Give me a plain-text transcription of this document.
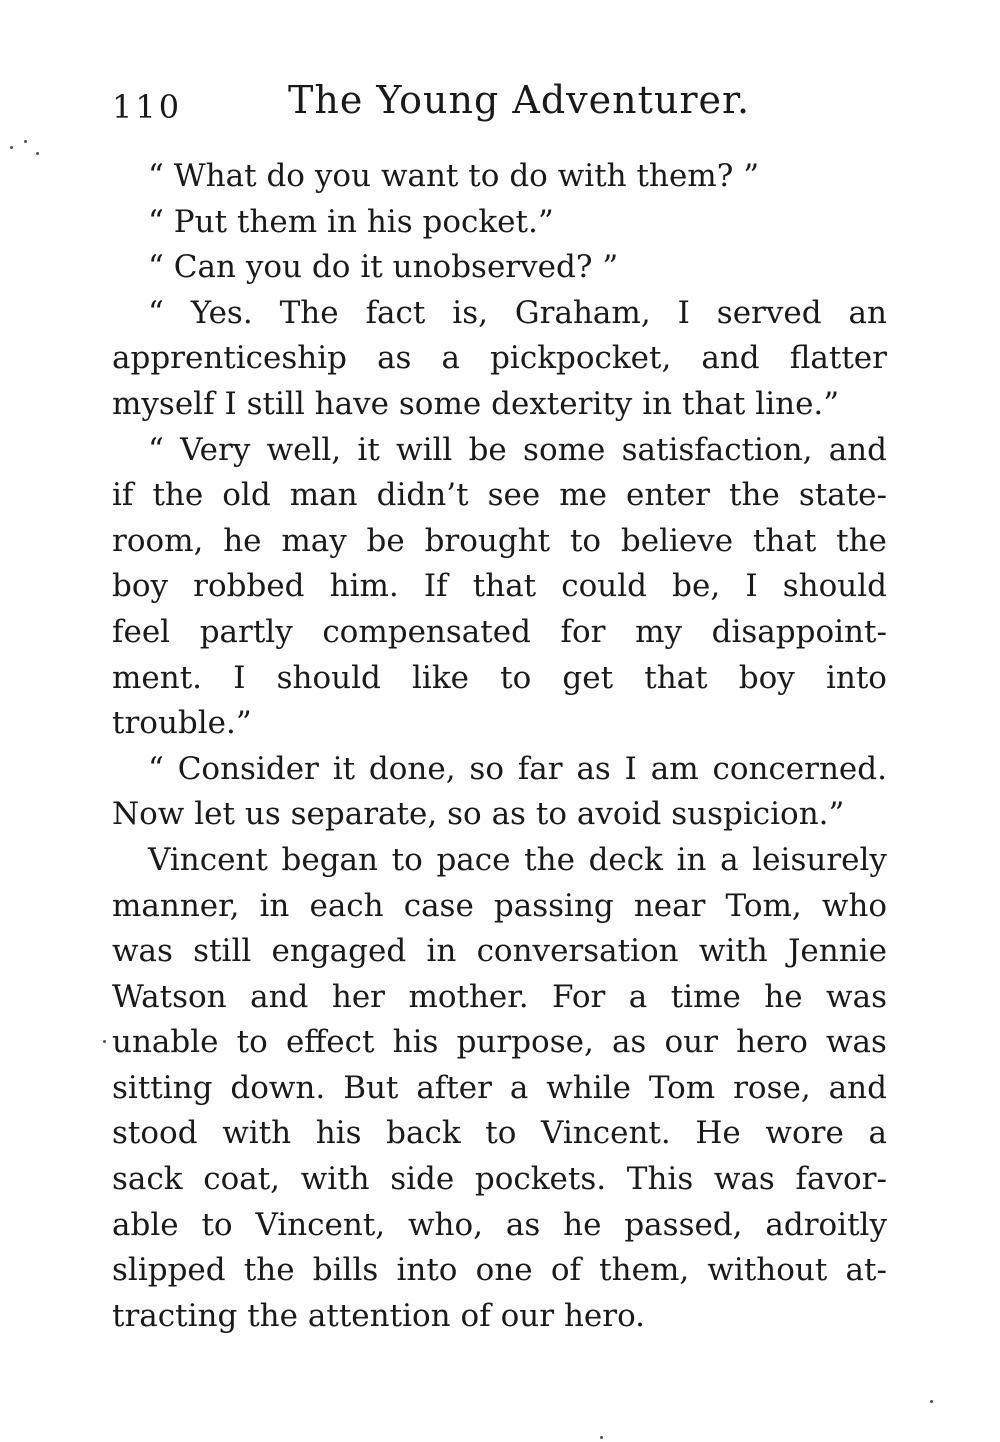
110	The Young Adventurer.
“ What do you want to do with them? ”
“ Put them in his pocket.”
“ Can you do it unobserved? ”
“ Yes. The fact is, Graham, I served an
apprenticeship as a pickpocket, and flatter
myself I still have some dexterity in that line.”
“ Very well, it will be some satisfaction, and
if the old man didn’t see me enter the state-
room, he may be brought to believe that the
boy robbed him. If that could be, I should
feel partly compensated for my disappoint-
ment. I should like to get that boy into
trouble.”
“ Consider it done, so far as I am concerned.
Now let us separate, so as to avoid suspicion.”
Vincent began to pace the deck in a leisurely
manner, in each case passing near Tom, who
was still engaged in conversation with Jennie
Watson and her mother. For a time he was
unable to effect his purpose, as our hero was
sitting down. But after a while Tom rose, and
stood with his back to Vincent. He wore a
sack coat, with side pockets. This was favor-
able to Vincent, who, as he passed, adroitly
slipped the bills into one of them, without at-
tracting the attention of our hero.
